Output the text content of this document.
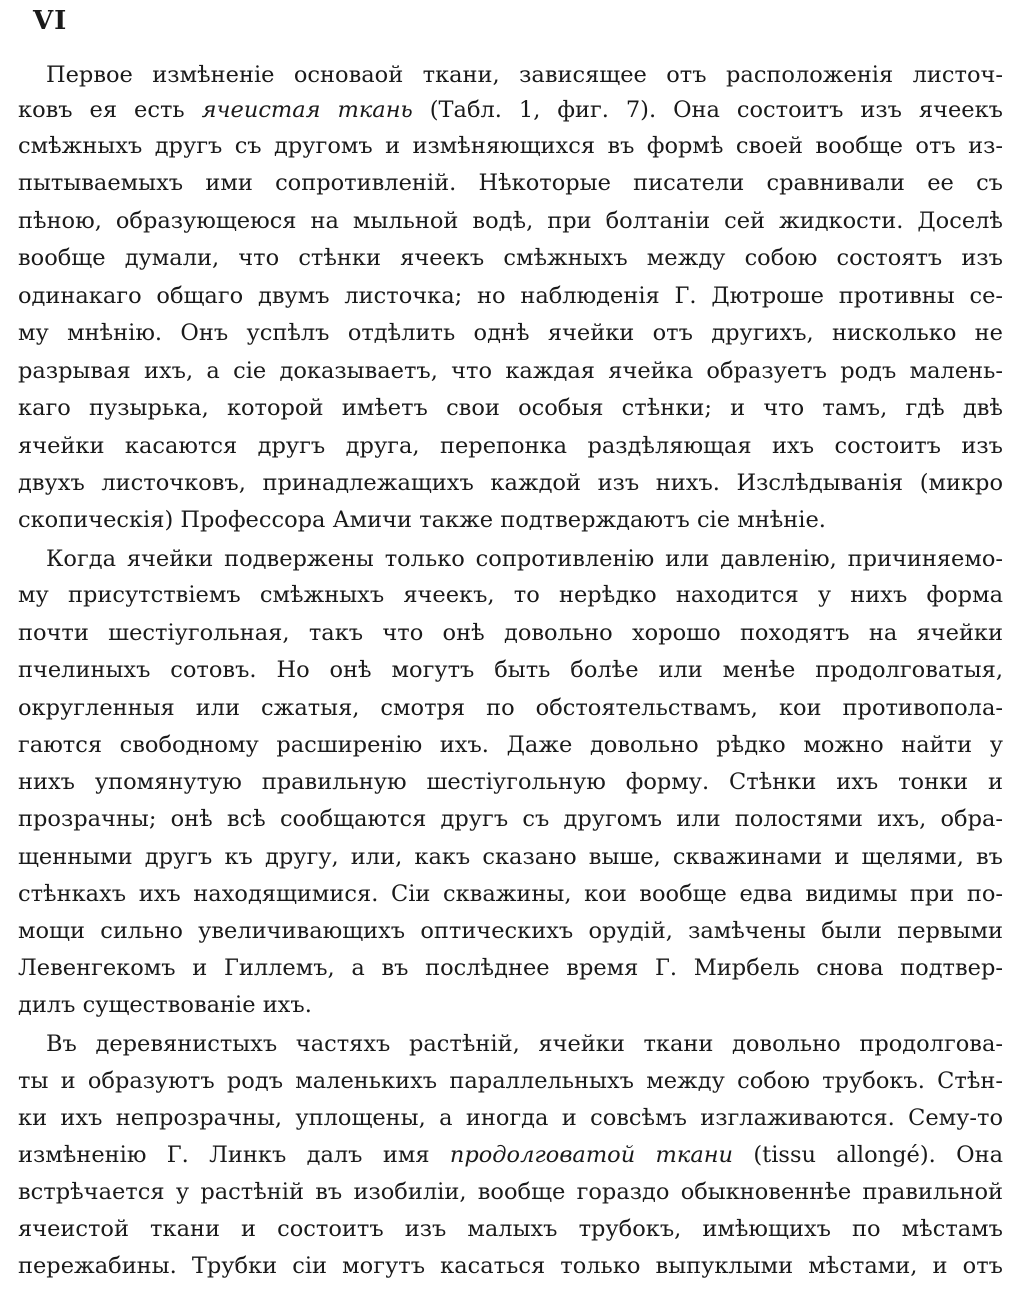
VI
Первое измѣненіе основаой ткани, зависящее отъ расположенія листоч-
ковъ ея есть ячеистая ткань (Табл. 1, фиг. 7). Она состоитъ изъ ячеекъ
смѣжныхъ другъ съ другомъ и измѣняющихся въ формѣ своей вообще отъ из-
пытываемыхъ ими сопротивленій. Нѣкоторые писатели сравнивали ее съ
пѣною, образующеюся на мыльной водѣ, при болтаніи сей жидкости. Доселѣ
вообще думали, что стѣнки ячеекъ смѣжныхъ между собою состоятъ изъ
одинакаго общаго двумъ листочка; но наблюденія Г. Дютроше противны се-
му мнѣнію. Онъ успѣлъ отдѣлить однѣ ячейки отъ другихъ, нисколько не
разрывая ихъ, а сіе доказываетъ, что каждая ячейка образуетъ родъ малень-
каго пузырька, которой имѣетъ свои особыя стѣнки; и что тамъ, гдѣ двѣ
ячейки касаются другъ друга, перепонка раздѣляющая ихъ состоитъ изъ
двухъ листочковъ, принадлежащихъ каждой изъ нихъ. Изслѣдыванія (микро
скопическія) Профессора Амичи также подтверждаютъ сіе мнѣніе.
Когда ячейки подвержены только сопротивленію или давленію, причиняемо-
му присутствіемъ смѣжныхъ ячеекъ, то нерѣдко находится у нихъ форма
почти шестіугольная, такъ что онѣ довольно хорошо походятъ на ячейки
пчелиныхъ сотовъ. Но онѣ могутъ быть болѣе или менѣе продолговатыя,
округленныя или сжатыя, смотря по обстоятельствамъ, кои противополa-
гаются свободному расширенію ихъ. Даже довольно рѣдко можно найти у
нихъ упомянутую правильную шестіугольную форму. Стѣнки ихъ тонки и
прозрачны; онѣ всѣ сообщаются другъ съ другомъ или полостями ихъ, обра-
щенными другъ къ другу, или, какъ сказано выше, скважинами и щелями, въ
стѣнкахъ ихъ находящимися. Сіи скважины, кои вообще едва видимы при по-
мощи сильно увеличивающихъ оптическихъ орудій, замѣчены были первыми
Левенгекомъ и Гиллемъ, а въ послѣднее время Г. Мирбель снова подтвер-
дилъ существованіе ихъ.
Въ деревянистыхъ частяхъ растѣній, ячейки ткани довольно продолгова-
ты и образуютъ родъ маленькихъ параллельныхъ между собою трубокъ. Стѣн-
ки ихъ непрозрачны, уплощены, а иногда и совсѣмъ изглаживаются. Сему-то
измѣненію Г. Линкъ далъ имя продолговатой ткани (tissu allongé). Она
встрѣчается у растѣній въ изобиліи, вообще гораздо обыкновеннѣе правильной
ячеистой ткани и состоитъ изъ малыхъ трубокъ, имѣющихъ по мѣстамъ
пережабины. Трубки сіи могутъ касаться только выпуклыми мѣстами, и отъ
